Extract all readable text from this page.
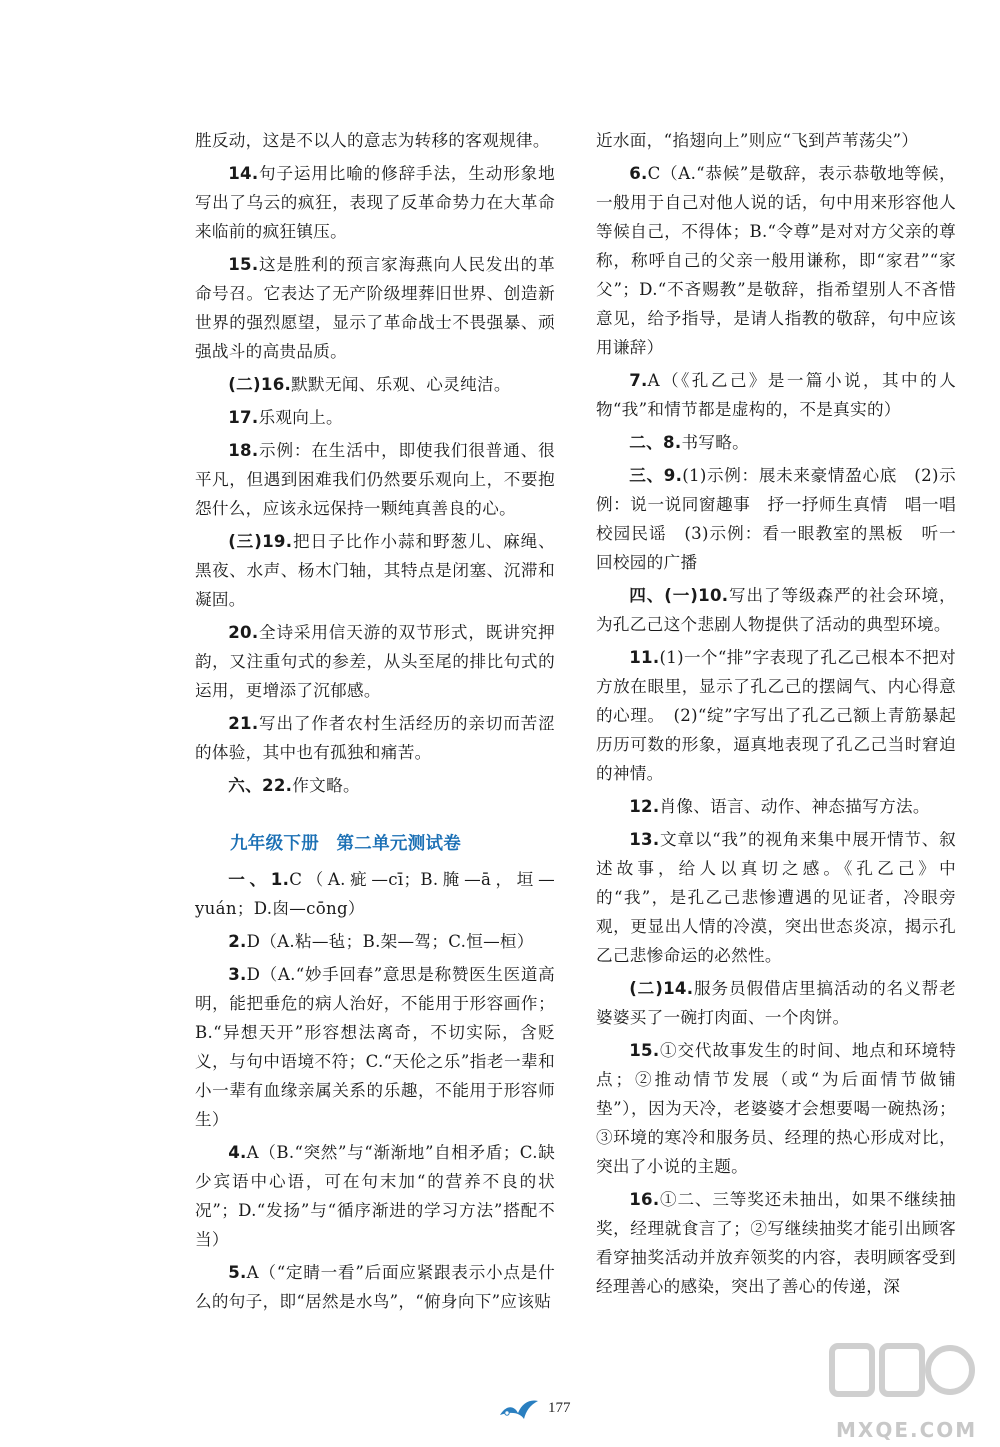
胜反动，这是不以人的意志为转移的客观规律。

14.句子运用比喻的修辞手法，生动形象地写出了乌云的疯狂，表现了反革命势力在大革命来临前的疯狂镇压。

15.这是胜利的预言家海燕向人民发出的革命号召。它表达了无产阶级埋葬旧世界、创造新世界的强烈愿望，显示了革命战士不畏强暴、顽强战斗的高贵品质。

(二)16.默默无闻、乐观、心灵纯洁。

17.乐观向上。

18.示例：在生活中，即使我们很普通、很平凡，但遇到困难我们仍然要乐观向上，不要抱怨什么，应该永远保持一颗纯真善良的心。

(三)19.把日子比作小蒜和野葱儿、麻绳、黑夜、水声、杨木门轴，其特点是闭塞、沉滞和凝固。

20.全诗采用信天游的双节形式，既讲究押韵，又注重句式的参差，从头至尾的排比句式的运用，更增添了沉郁感。

21.写出了作者农村生活经历的亲切而苦涩的体验，其中也有孤独和痛苦。

六、22.作文略。

九年级下册 第二单元测试卷

一、1.C（A.疵—cī；B.腌—ā，垣—yuán；D.囱—cōng）

2.D（A.粘—毡；B.架—驾；C.恒—桓）

3.D（A.“妙手回春”意思是称赞医生医道高明，能把垂危的病人治好，不能用于形容画作；B.“异想天开”形容想法离奇，不切实际，含贬义，与句中语境不符；C.“天伦之乐”指老一辈和小一辈有血缘亲属关系的乐趣，不能用于形容师生）

4.A（B.“突然”与“渐渐地”自相矛盾；C.缺少宾语中心语，可在句末加“的营养不良的状况”；D.“发扬”与“循序渐进的学习方法”搭配不当）

5.A（“定睛一看”后面应紧跟表示小点是什么的句子，即“居然是水鸟”，“俯身向下”应该贴

近水面，“掐翅向上”则应“飞到芦苇荡尖”）

6.C（A.“恭候”是敬辞，表示恭敬地等候，一般用于自己对他人说的话，句中用来形容他人等候自己，不得体；B.“令尊”是对对方父亲的尊称，称呼自己的父亲一般用谦称，即“家君”“家父”；D.“不吝赐教”是敬辞，指希望别人不吝惜意见，给予指导，是请人指教的敬辞，句中应该用谦辞）

7.A（《孔乙己》是一篇小说，其中的人物“我”和情节都是虚构的，不是真实的）

二、8.书写略。

三、9.(1)示例：展未来豪情盈心底　(2)示例：说一说同窗趣事　抒一抒师生真情　唱一唱校园民谣　(3)示例：看一眼教室的黑板　听一回校园的广播

四、(一)10.写出了等级森严的社会环境，为孔乙己这个悲剧人物提供了活动的典型环境。

11.(1)一个“排”字表现了孔乙己根本不把对方放在眼里，显示了孔乙己的摆阔气、内心得意的心理。　(2)“绽”字写出了孔乙己额上青筋暴起历历可数的形象，逼真地表现了孔乙己当时窘迫的神情。

12.肖像、语言、动作、神态描写方法。

13.文章以“我”的视角来集中展开情节、叙述故事，给人以真切之感。《孔乙己》中的“我”，是孔乙己悲惨遭遇的见证者，冷眼旁观，更显出人情的冷漠，突出世态炎凉，揭示孔乙己悲惨命运的必然性。

(二)14.服务员假借店里搞活动的名义帮老婆婆买了一碗打肉面、一个肉饼。

15.①交代故事发生的时间、地点和环境特点；②推动情节发展（或“为后面情节做铺垫”），因为天冷，老婆婆才会想要喝一碗热汤；③环境的寒冷和服务员、经理的热心形成对比，突出了小说的主题。

16.①二、三等奖还未抽出，如果不继续抽奖，经理就食言了；②写继续抽奖才能引出顾客看穿抽奖活动并放弃领奖的内容，表明顾客受到经理善心的感染，突出了善心的传递，深

177
MXQE.COM
